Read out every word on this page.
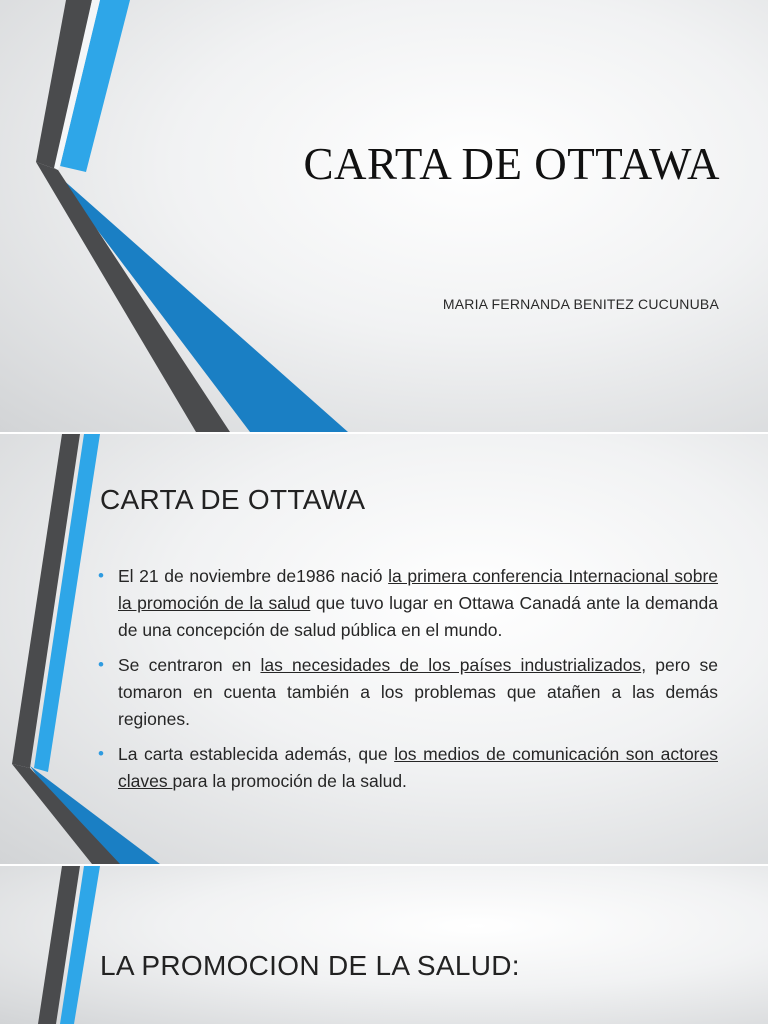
CARTA DE OTTAWA
MARIA FERNANDA BENITEZ CUCUNUBA
CARTA DE OTTAWA
• El 21 de noviembre de1986 nació la primera conferencia Internacional sobre la promoción de la salud que tuvo lugar en Ottawa Canadá ante la demanda de una concepción de salud pública en el mundo.
• Se centraron en las necesidades de los países industrializados, pero se tomaron en cuenta también a los problemas que atañen a las demás regiones.
• La carta establecida además, que los medios de comunicación son actores claves para la promoción de la salud.
LA PROMOCION DE LA SALUD:
